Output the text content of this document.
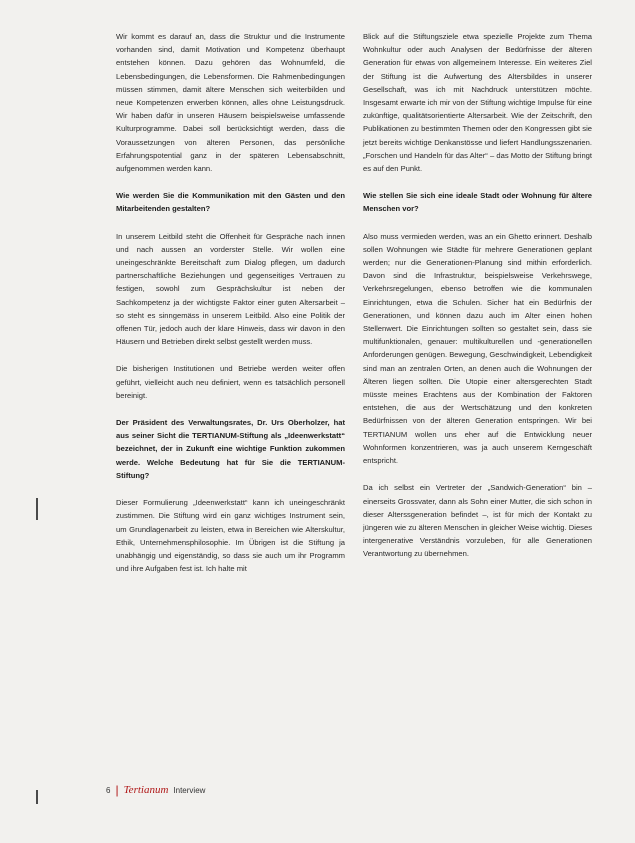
Wir kommt es darauf an, dass die Struktur und die Instrumente vorhanden sind, damit Motivation und Kompetenz überhaupt entstehen können. Dazu gehören das Wohnumfeld, die Lebensbedingungen, die Lebensformen. Die Rahmenbedingungen müssen stimmen, damit ältere Menschen sich weiterbilden und neue Kompetenzen erwerben können, alles ohne Leistungsdruck. Wir haben dafür in unseren Häusern beispielsweise umfassende Kulturprogramme. Dabei soll berücksichtigt werden, dass die Voraussetzungen von älteren Personen, das persönliche Erfahrungspotential ganz in der späteren Lebensabschnitt, aufgenommen werden kann.

Wie werden Sie die Kommunikation mit den Gästen und den Mitarbeitenden gestalten?

In unserem Leitbild steht die Offenheit für Gespräche nach innen und nach aussen an vorderster Stelle. Wir wollen eine uneingeschränkte Bereitschaft zum Dialog pflegen, um dadurch partnerschaftliche Beziehungen und gegenseitiges Vertrauen zu festigen, sowohl zum Gesprächskultur ist neben der Sachkompetenz ja der wichtigste Faktor einer guten Altersarbeit – so steht es sinngemäss in unserem Leitbild. Also eine Politik der offenen Tür, jedoch auch der klare Hinweis, dass wir davon in den Häusern und Betrieben direkt selbst gestellt werden muss.

Die bisherigen Institutionen und Betriebe werden weiter offen geführt, vielleicht auch neu definiert, wenn es tatsächlich personell bereinigt.

Der Präsident des Verwaltungsrates, Dr. Urs Oberholzer, hat aus seiner Sicht die TERTIANUM-Stiftung als „Ideenwerkstatt“ bezeichnet, der in Zukunft eine wichtige Funktion zukommen werde. Welche Bedeutung hat für Sie die TERTIANUM-Stiftung?

Dieser Formulierung „Ideenwerkstatt“ kann ich uneingeschränkt zustimmen. Die Stiftung wird ein ganz wichtiges Instrument sein, um Grundlagenarbeit zu leisten, etwa in Bereichen wie Alterskultur, Ethik, Unternehmensphilosophie. Im Übrigen ist die Stiftung ja unabhängig und eigenständig, so dass sie auch um ihr Programm und ihre Aufgaben fest ist. Ich halte mit

Blick auf die Stiftungsziele etwa spezielle Projekte zum Thema Wohnkultur oder auch Analysen der Bedürfnisse der älteren Generation für etwas von allgemeinem Interesse. Ein weiteres Ziel der Stiftung ist die Aufwertung des Altersbildes in unserer Gesellschaft, was ich mit Nachdruck unterstützen möchte. Insgesamt erwarte ich mir von der Stiftung wichtige Impulse für eine zukünftige, qualitätsorientierte Altersarbeit. Wie der Zeitschrift, den Publikationen zu bestimmten Themen oder den Kongressen gibt sie jetzt bereits wichtige Denkanstösse und liefert Handlungsszenarien. „Forschen und Handeln für das Alter“ – das Motto der Stiftung bringt es auf den Punkt.

Wie stellen Sie sich eine ideale Stadt oder Wohnung für ältere Menschen vor?

Also muss vermieden werden, was an ein Ghetto erinnert. Deshalb sollen Wohnungen wie Städte für mehrere Generationen geplant werden; nur die Generationen-Planung sind mithin erforderlich. Davon sind die Infrastruktur, beispielsweise Verkehrswege, Verkehrsregelungen, ebenso betroffen wie die kommunalen Einrichtungen, etwa die Schulen. Sicher hat ein Bedürfnis der Generationen, und können dazu auch im Alter einen hohen Stellenwert. Die Einrichtungen sollten so gestaltet sein, dass sie multifunktionalen, genauer: multikulturellen und -generationellen Anforderungen genügen. Bewegung, Geschwindigkeit, Lebendigkeit sind man an zentralen Orten, an denen auch die Wohnungen der Älteren liegen sollten. Die Utopie einer altersgerechten Stadt müsste meines Erachtens aus der Kombination der Faktoren entstehen, die aus der Wertschätzung und den konkreten Bedürfnissen von der älteren Generation entspringen. Wir bei TERTIANUM wollen uns eher auf die Entwicklung neuer Wohnformen konzentrieren, was ja auch unserem Kerngeschäft entspricht.

Da ich selbst ein Vertreter der „Sandwich-Generation“ bin – einerseits Grossvater, dann als Sohn einer Mutter, die sich schon in dieser Alterssgeneration befindet –, ist für mich der Kontakt zu jüngeren wie zu älteren Menschen in gleicher Weise wichtig. Dieses intergenerative Verständnis vorzuleben, für alle Generationen Verantwortung zu übernehmen.

6 | Tertianum Interview
